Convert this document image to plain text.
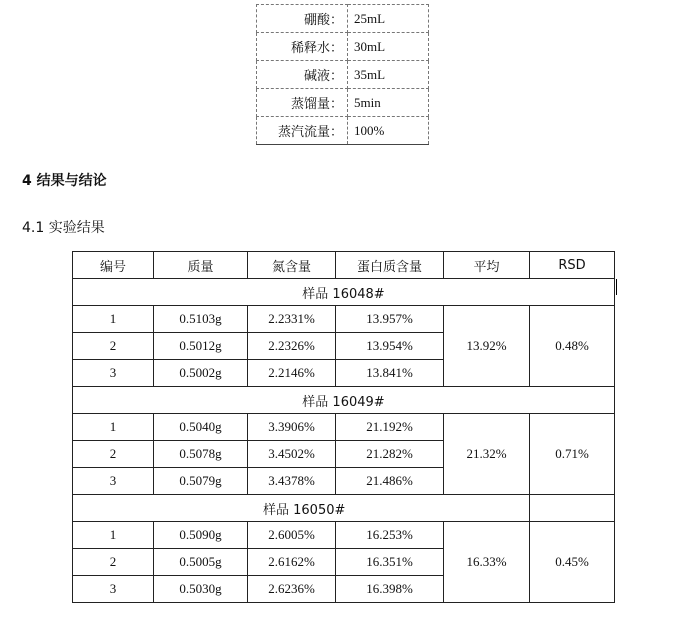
硼酸：	25mL
稀释水：	30mL
碱液：	35mL
蒸馏量：	5min
蒸汽流量：	100%
4 结果与结论
4.1 实验结果
编号	质量	氮含量	蛋白质含量	平均	RSD
样品 16048#					
1	0.5103g	2.2331%	13.957%	13.92%	0.48%
2	0.5012g	2.2326%	13.954%		
3	0.5002g	2.2146%	13.841%		
样品 16049#					
1	0.5040g	3.3906%	21.192%	21.32%	0.71%
2	0.5078g	3.4502%	21.282%		
3	0.5079g	3.4378%	21.486%		
样品 16050#					
1	0.5090g	2.6005%	16.253%	16.33%	0.45%
2	0.5005g	2.6162%	16.351%		
3	0.5030g	2.6236%	16.398%		
